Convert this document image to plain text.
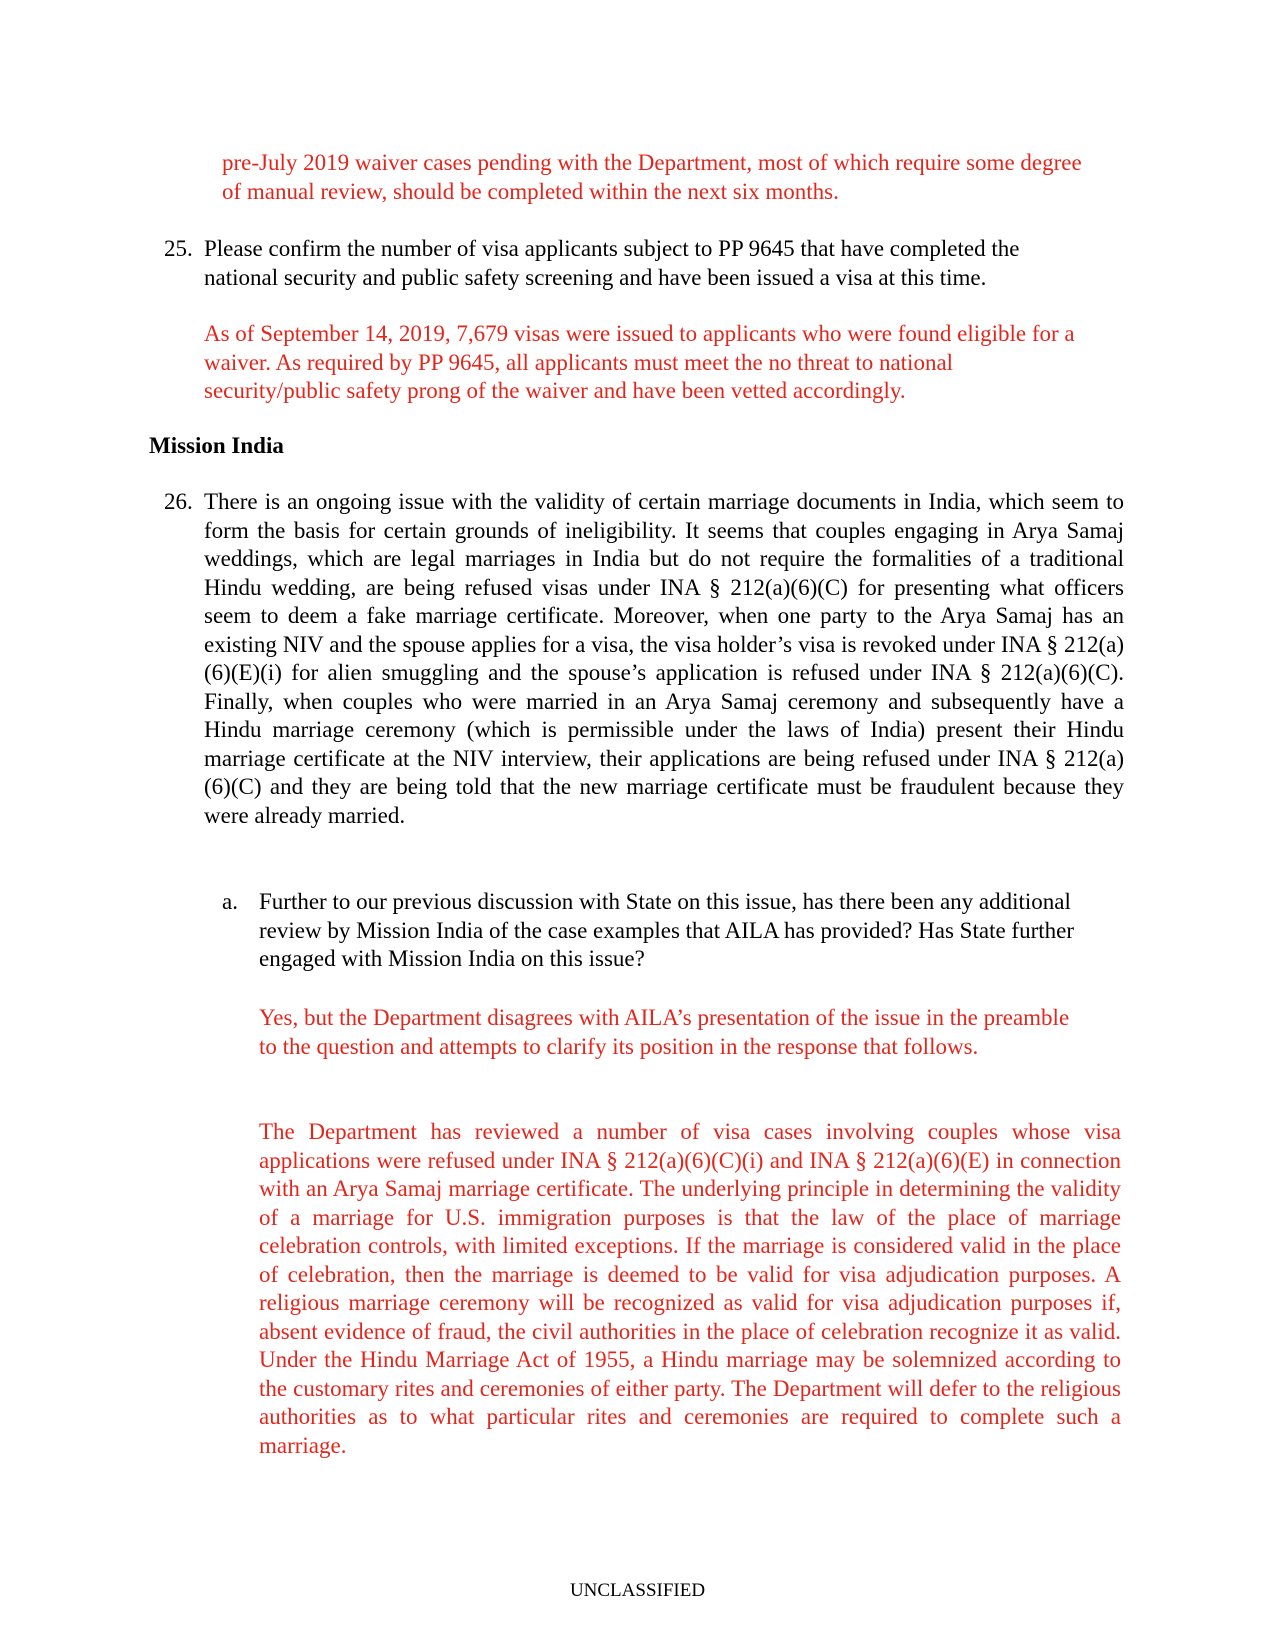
pre-July 2019 waiver cases pending with the Department, most of which require some degree of manual review, should be completed within the next six months.

25. Please confirm the number of visa applicants subject to PP 9645 that have completed the national security and public safety screening and have been issued a visa at this time.

As of September 14, 2019, 7,679 visas were issued to applicants who were found eligible for a waiver. As required by PP 9645, all applicants must meet the no threat to national security/public safety prong of the waiver and have been vetted accordingly.

Mission India
26. There is an ongoing issue with the validity of certain marriage documents in India, which seem to form the basis for certain grounds of ineligibility. It seems that couples engaging in Arya Samaj weddings, which are legal marriages in India but do not require the formalities of a traditional Hindu wedding, are being refused visas under INA § 212(a)(6)(C) for presenting what officers seem to deem a fake marriage certificate. Moreover, when one party to the Arya Samaj has an existing NIV and the spouse applies for a visa, the visa holder’s visa is revoked under INA § 212(a)(6)(E)(i) for alien smuggling and the spouse’s application is refused under INA § 212(a)(6)(C). Finally, when couples who were married in an Arya Samaj ceremony and subsequently have a Hindu marriage ceremony (which is permissible under the laws of India) present their Hindu marriage certificate at the NIV interview, their applications are being refused under INA § 212(a)(6)(C) and they are being told that the new marriage certificate must be fraudulent because they were already married.
a. Further to our previous discussion with State on this issue, has there been any additional review by Mission India of the case examples that AILA has provided? Has State further engaged with Mission India on this issue?

Yes, but the Department disagrees with AILA’s presentation of the issue in the preamble to the question and attempts to clarify its position in the response that follows.

The Department has reviewed a number of visa cases involving couples whose visa applications were refused under INA § 212(a)(6)(C)(i) and INA § 212(a)(6)(E) in connection with an Arya Samaj marriage certificate. The underlying principle in determining the validity of a marriage for U.S. immigration purposes is that the law of the place of marriage celebration controls, with limited exceptions. If the marriage is considered valid in the place of celebration, then the marriage is deemed to be valid for visa adjudication purposes. A religious marriage ceremony will be recognized as valid for visa adjudication purposes if, absent evidence of fraud, the civil authorities in the place of celebration recognize it as valid. Under the Hindu Marriage Act of 1955, a Hindu marriage may be solemnized according to the customary rites and ceremonies of either party. The Department will defer to the religious authorities as to what particular rites and ceremonies are required to complete such a marriage.

UNCLASSIFIED
